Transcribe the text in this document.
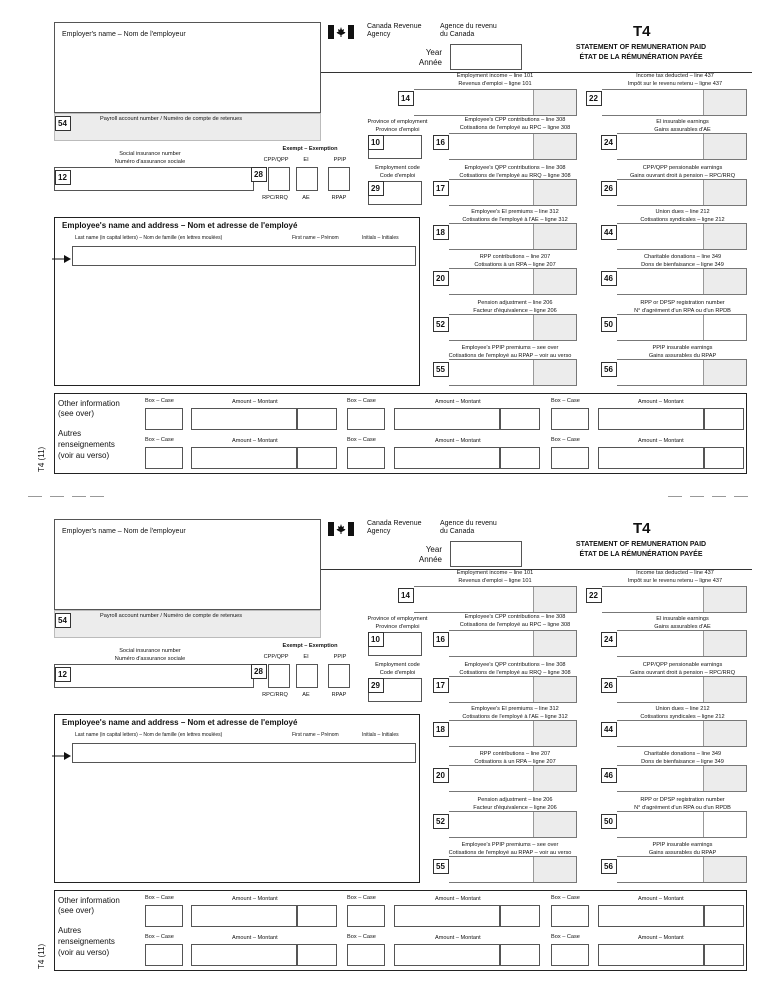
Employer's name – Nom de l'employeur
Canada Revenue
Agency
Agence du revenu
du Canada	T4
STATEMENT OF REMUNERATION PAID
ÉTAT DE LA RÉMUNÉRATION PAYÉE
Year
Année
Employment income – line 101
Revenus d'emploi – ligne 101
14
Income tax deducted – line 437
Impôt sur le revenu retenu – ligne 437
22
54	Payroll account number / Numéro de compte de retenues	Province of employment
Province d'emploi
10
Employee's CPP contributions – line 308
Cotisations de l'employé au RPC – ligne 308
16
EI insurable earnings
Gains assurables d'AE
24
Social insurance number
Numéro d'assurance sociale
12
Exempt – Exemption
CPP/QPP	EI	PPIP
28
RPC/RRQ	AE	RPAP
Employment code
Code d'emploi
29
Employee's QPP contributions – line 308
Cotisations de l'employé au RRQ – ligne 308
17
CPP/QPP pensionable earnings
Gains ouvrant droit à pension – RPC/RRQ
26
Employee's name and address – Nom et adresse de l'employé
Last name (in capital letters) – Nom de famille (en lettres moulées)	First name – Prénom	Initials – Initiales
Employee's EI premiums – line 312
Cotisations de l'employé à l'AE – ligne 312
18
Union dues – line 212
Cotisations syndicales – ligne 212
44
RPP contributions – line 207
Cotisations à un RPA – ligne 207
20
Charitable donations – line 349
Dons de bienfaisance – ligne 349
46
Pension adjustment – line 206
Facteur d'équivalence – ligne 206
52
RPP or DPSP registration number
N° d'agrément d'un RPA ou d'un RPDB
50
Employee's PPIP premiums – see over
Cotisations de l'employé au RPAP – voir au verso
55
PPIP insurable earnings
Gains assurables du RPAP
56
Other information
(see over)
Autres
renseignements
(voir au verso)
Box – Case	Amount – Montant	Box – Case	Amount – Montant	Box – Case	Amount – Montant
Box – Case	Amount – Montant	Box – Case	Amount – Montant	Box – Case	Amount – Montant
T4 (11)
Employer's name – Nom de l'employeur
Canada Revenue
Agency
Agence du revenu
du Canada	T4
STATEMENT OF REMUNERATION PAID
ÉTAT DE LA RÉMUNÉRATION PAYÉE
Year
Année
Employment income – line 101
Revenus d'emploi – ligne 101
14
Income tax deducted – line 437
Impôt sur le revenu retenu – ligne 437
22
54	Payroll account number / Numéro de compte de retenues	Province of employment
Province d'emploi
10
Employee's CPP contributions – line 308
Cotisations de l'employé au RPC – ligne 308
16
EI insurable earnings
Gains assurables d'AE
24
Social insurance number
Numéro d'assurance sociale
12
Exempt – Exemption
CPP/QPP	EI	PPIP
28
RPC/RRQ	AE	RPAP
Employment code
Code d'emploi
29
Employee's QPP contributions – line 308
Cotisations de l'employé au RRQ – ligne 308
17
CPP/QPP pensionable earnings
Gains ouvrant droit à pension – RPC/RRQ
26
Employee's name and address – Nom et adresse de l'employé
Last name (in capital letters) – Nom de famille (en lettres moulées)	First name – Prénom	Initials – Initiales
Employee's EI premiums – line 312
Cotisations de l'employé à l'AE – ligne 312
18
Union dues – line 212
Cotisations syndicales – ligne 212
44
RPP contributions – line 207
Cotisations à un RPA – ligne 207
20
Charitable donations – line 349
Dons de bienfaisance – ligne 349
46
Pension adjustment – line 206
Facteur d'équivalence – ligne 206
52
RPP or DPSP registration number
N° d'agrément d'un RPA ou d'un RPDB
50
Employee's PPIP premiums – see over
Cotisations de l'employé au RPAP – voir au verso
55
PPIP insurable earnings
Gains assurables du RPAP
56
Other information
(see over)
Autres
renseignements
(voir au verso)
Box – Case	Amount – Montant	Box – Case	Amount – Montant	Box – Case	Amount – Montant
Box – Case	Amount – Montant	Box – Case	Amount – Montant	Box – Case	Amount – Montant
T4 (11)
